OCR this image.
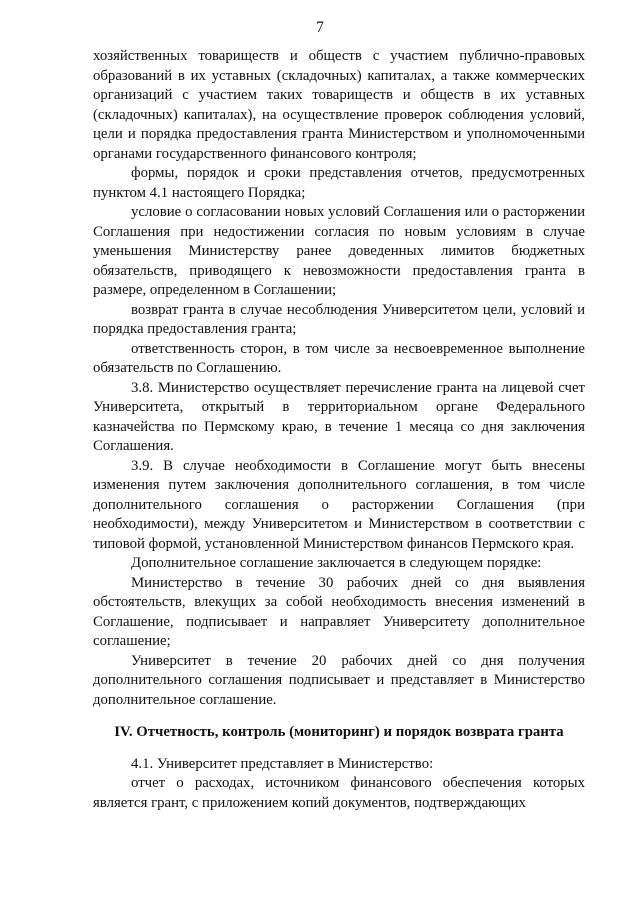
7

хозяйственных товариществ и обществ с участием публично-правовых образований в их уставных (складочных) капиталах, а также коммерческих организаций с участием таких товариществ и обществ в их уставных (складочных) капиталах), на осуществление проверок соблюдения условий, цели и порядка предоставления гранта Министерством и уполномоченными органами государственного финансового контроля;

формы, порядок и сроки представления отчетов, предусмотренных пунктом 4.1 настоящего Порядка;

условие о согласовании новых условий Соглашения или о расторжении Соглашения при недостижении согласия по новым условиям в случае уменьшения Министерству ранее доведенных лимитов бюджетных обязательств, приводящего к невозможности предоставления гранта в размере, определенном в Соглашении;

возврат гранта в случае несоблюдения Университетом цели, условий и порядка предоставления гранта;

ответственность сторон, в том числе за несвоевременное выполнение обязательств по Соглашению.

3.8. Министерство осуществляет перечисление гранта на лицевой счет Университета, открытый в территориальном органе Федерального казначейства по Пермскому краю, в течение 1 месяца со дня заключения Соглашения.

3.9. В случае необходимости в Соглашение могут быть внесены изменения путем заключения дополнительного соглашения, в том числе дополнительного соглашения о расторжении Соглашения (при необходимости), между Университетом и Министерством в соответствии с типовой формой, установленной Министерством финансов Пермского края.

Дополнительное соглашение заключается в следующем порядке:

Министерство в течение 30 рабочих дней со дня выявления обстоятельств, влекущих за собой необходимость внесения изменений в Соглашение, подписывает и направляет Университету дополнительное соглашение;

Университет в течение 20 рабочих дней со дня получения дополнительного соглашения подписывает и представляет в Министерство дополнительное соглашение.

IV. Отчетность, контроль (мониторинг) и порядок возврата гранта

4.1. Университет представляет в Министерство:

отчет о расходах, источником финансового обеспечения которых является грант, с приложением копий документов, подтверждающих
